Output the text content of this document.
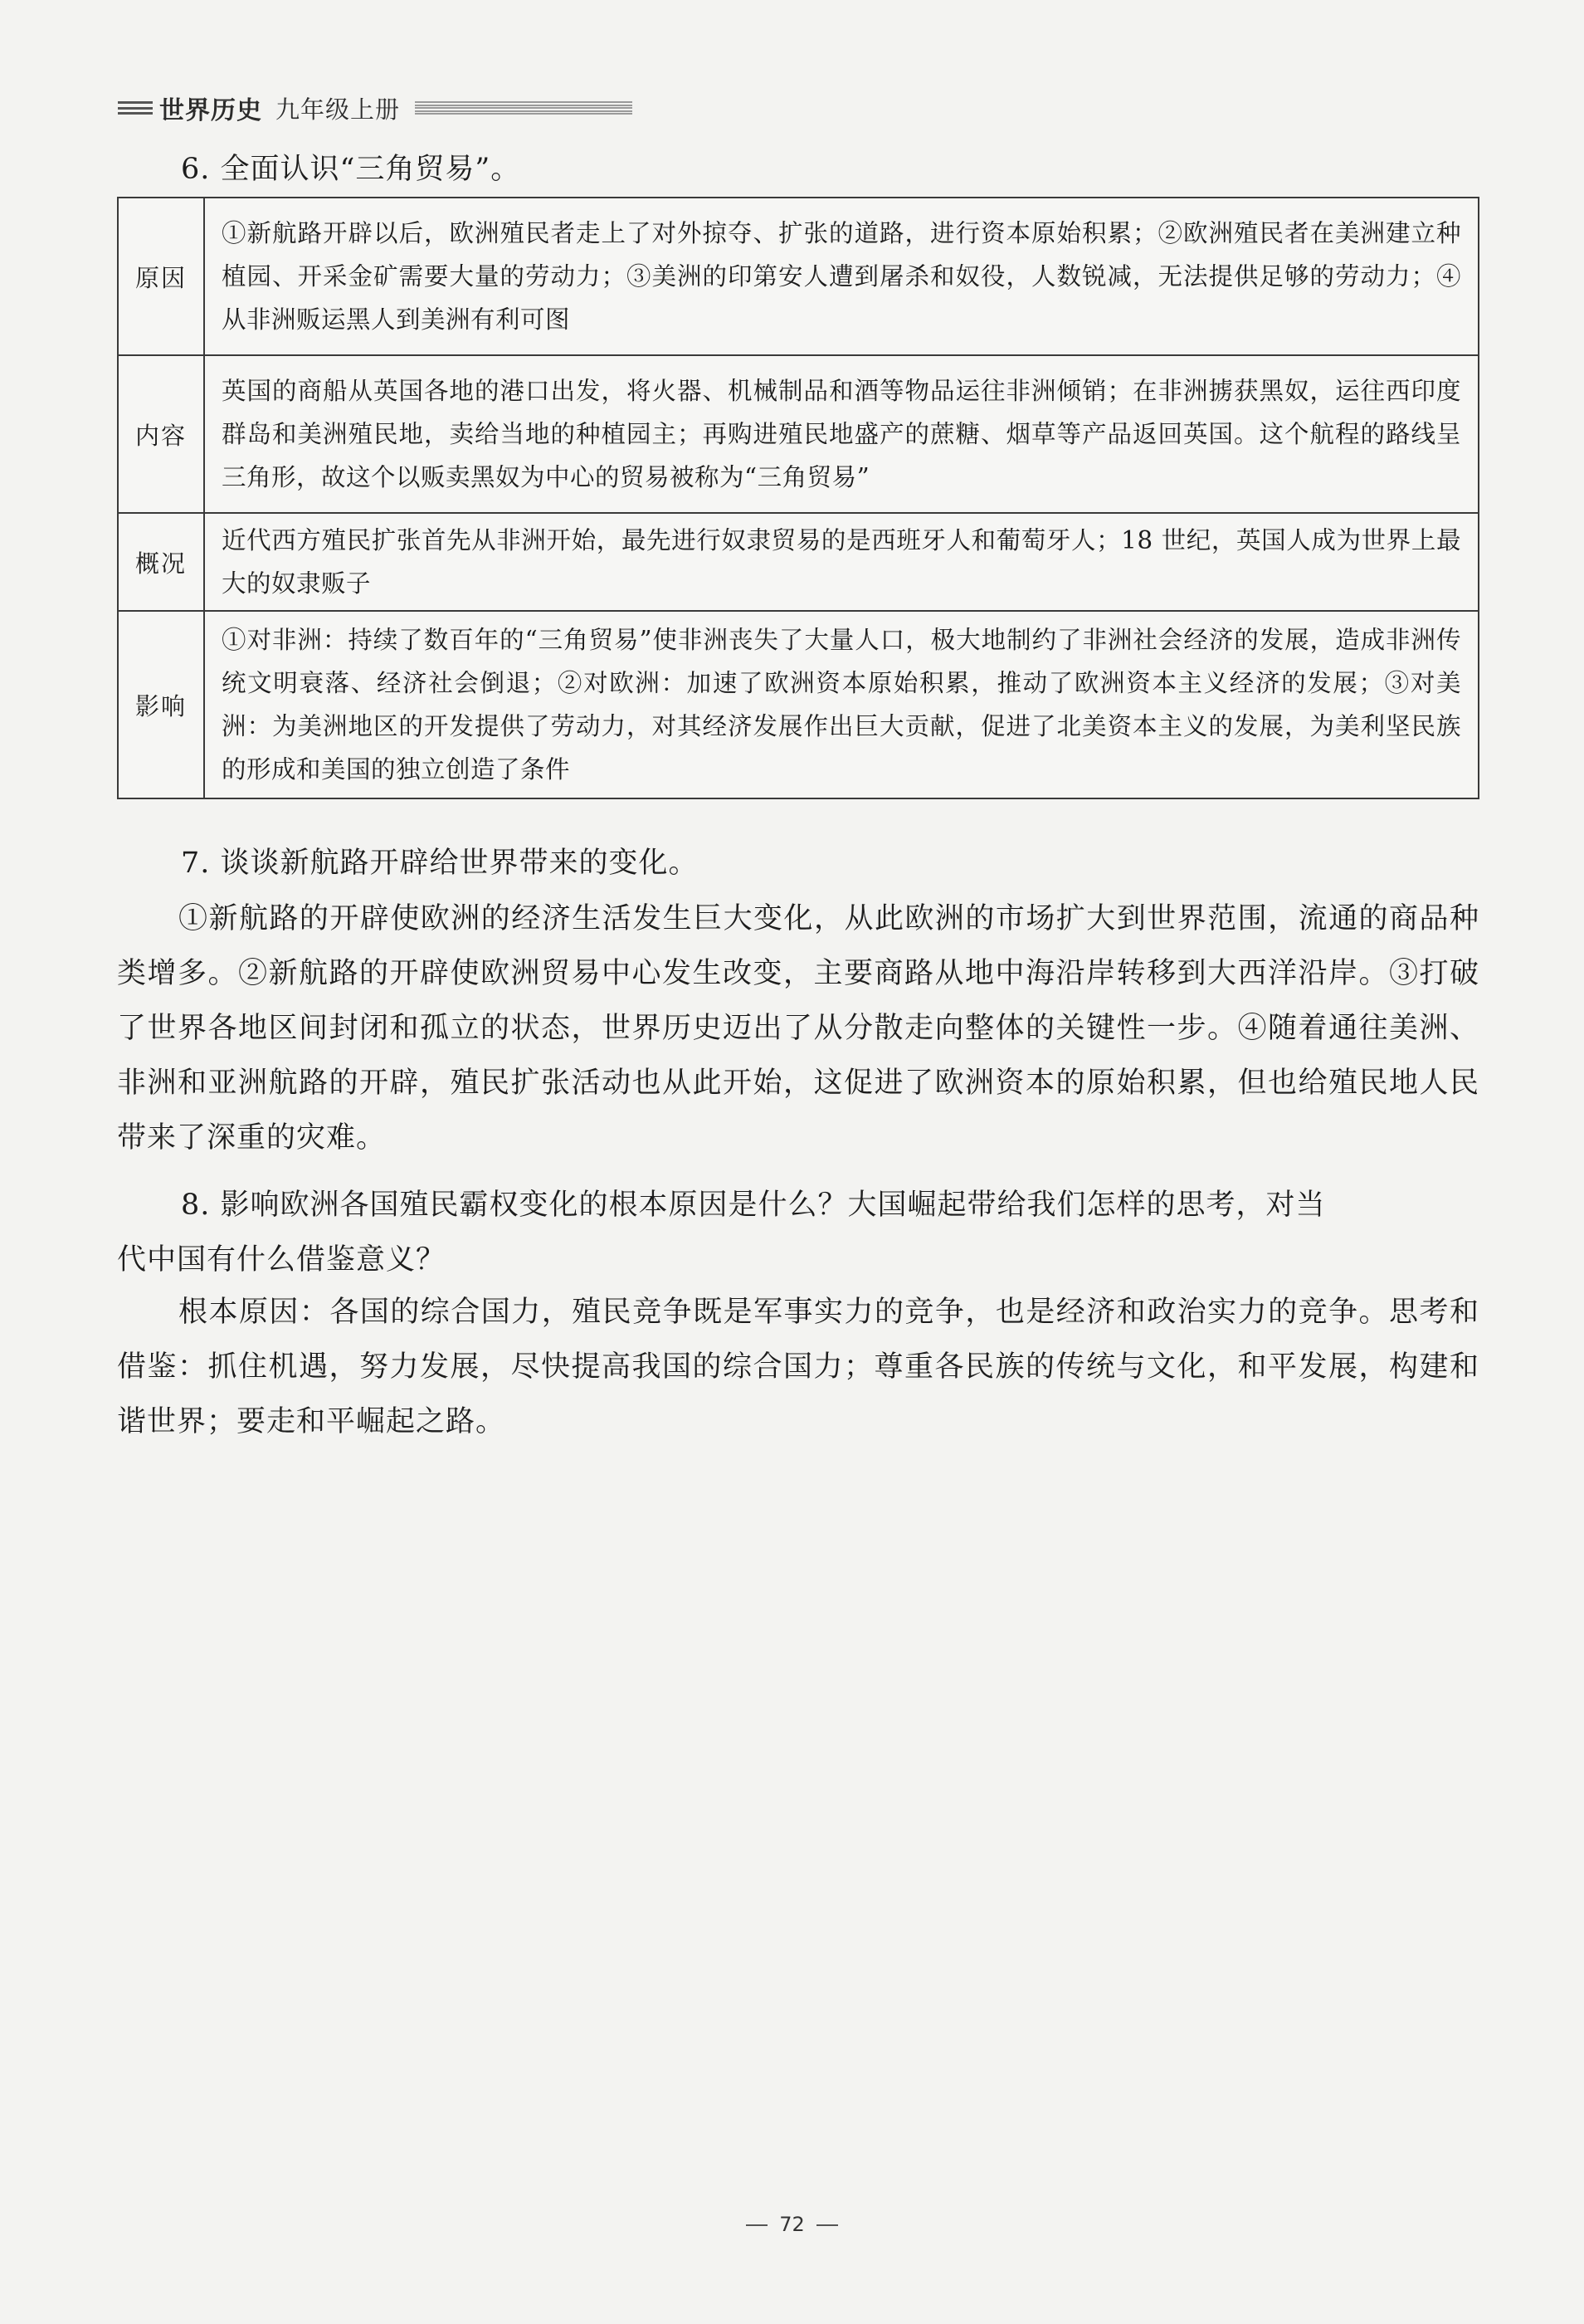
世界历史 九年级上册
6. 全面认识“三角贸易”。
原因	①新航路开辟以后，欧洲殖民者走上了对外掠夺、扩张的道路，进行资本原始积累；②欧洲殖民者在美洲建立种植园、开采金矿需要大量的劳动力；③美洲的印第安人遭到屠杀和奴役，人数锐减，无法提供足够的劳动力；④从非洲贩运黑人到美洲有利可图
内容	英国的商船从英国各地的港口出发，将火器、机械制品和酒等物品运往非洲倾销；在非洲掳获黑奴，运往西印度群岛和美洲殖民地，卖给当地的种植园主；再购进殖民地盛产的蔗糖、烟草等产品返回英国。这个航程的路线呈三角形，故这个以贩卖黑奴为中心的贸易被称为“三角贸易”
概况	近代西方殖民扩张首先从非洲开始，最先进行奴隶贸易的是西班牙人和葡萄牙人；18 世纪，英国人成为世界上最大的奴隶贩子
影响	①对非洲：持续了数百年的“三角贸易”使非洲丧失了大量人口，极大地制约了非洲社会经济的发展，造成非洲传统文明衰落、经济社会倒退；②对欧洲：加速了欧洲资本原始积累，推动了欧洲资本主义经济的发展；③对美洲：为美洲地区的开发提供了劳动力，对其经济发展作出巨大贡献，促进了北美资本主义的发展，为美利坚民族的形成和美国的独立创造了条件
7. 谈谈新航路开辟给世界带来的变化。

①新航路的开辟使欧洲的经济生活发生巨大变化，从此欧洲的市场扩大到世界范围，流通的商品种类增多。②新航路的开辟使欧洲贸易中心发生改变，主要商路从地中海沿岸转移到大西洋沿岸。③打破了世界各地区间封闭和孤立的状态，世界历史迈出了从分散走向整体的关键性一步。④随着通往美洲、非洲和亚洲航路的开辟，殖民扩张活动也从此开始，这促进了欧洲资本的原始积累，但也给殖民地人民带来了深重的灾难。

8. 影响欧洲各国殖民霸权变化的根本原因是什么？大国崛起带给我们怎样的思考，对当
代中国有什么借鉴意义？

根本原因：各国的综合国力，殖民竞争既是军事实力的竞争，也是经济和政治实力的竞争。思考和借鉴：抓住机遇，努力发展，尽快提高我国的综合国力；尊重各民族的传统与文化，和平发展，构建和谐世界；要走和平崛起之路。

72
